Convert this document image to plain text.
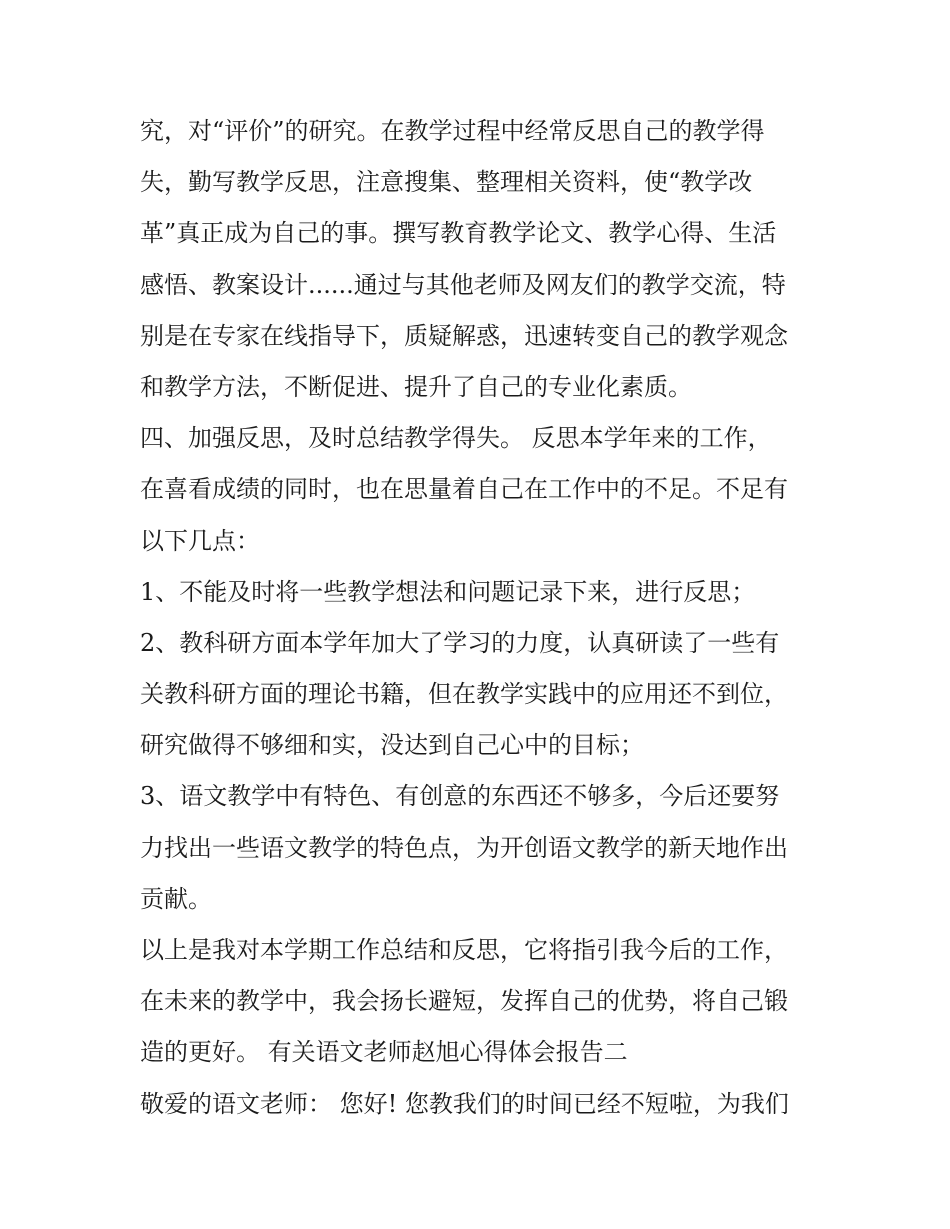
究，对“评价”的研究。在教学过程中经常反思自己的教学得
失，勤写教学反思，注意搜集、整理相关资料，使“教学改
革”真正成为自己的事。撰写教育教学论文、教学心得、生活
感悟、教案设计......通过与其他老师及网友们的教学交流，特
别是在专家在线指导下，质疑解惑，迅速转变自己的教学观念
和教学方法，不断促进、提升了自己的专业化素质。
四、加强反思，及时总结教学得失。 反思本学年来的工作，
在喜看成绩的同时，也在思量着自己在工作中的不足。不足有
以下几点：
1、不能及时将一些教学想法和问题记录下来，进行反思；
2、教科研方面本学年加大了学习的力度，认真研读了一些有
关教科研方面的理论书籍，但在教学实践中的应用还不到位，
研究做得不够细和实，没达到自己心中的目标；
3、语文教学中有特色、有创意的东西还不够多，今后还要努
力找出一些语文教学的特色点，为开创语文教学的新天地作出
贡献。
以上是我对本学期工作总结和反思，它将指引我今后的工作，
在未来的教学中，我会扬长避短，发挥自己的优势，将自己锻
造的更好。 有关语文老师赵旭心得体会报告二
敬爱的语文老师： 您好! 您教我们的时间已经不短啦，为我们
